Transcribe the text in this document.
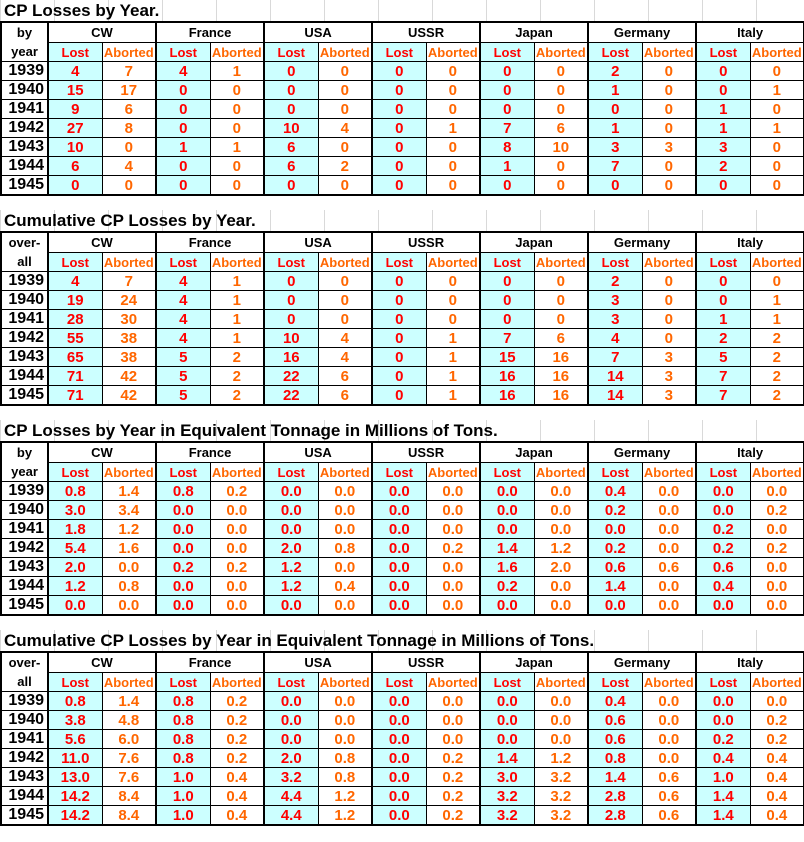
CP Losses by Year.
by
year	CW		France		USA		USSR		Japan		Germany		Italy	
	Lost	Aborted	Lost	Aborted	Lost	Aborted	Lost	Aborted	Lost	Aborted	Lost	Aborted	Lost	Aborted
1939	4	7	4	1	0	0	0	0	0	0	2	0	0	0
1940	15	17	0	0	0	0	0	0	0	0	1	0	0	1
1941	9	6	0	0	0	0	0	0	0	0	0	0	1	0
1942	27	8	0	0	10	4	0	1	7	6	1	0	1	1
1943	10	0	1	1	6	0	0	0	8	10	3	3	3	0
1944	6	4	0	0	6	2	0	0	1	0	7	0	2	0
1945	0	0	0	0	0	0	0	0	0	0	0	0	0	0
Cumulative CP Losses by Year.
over-
all	CW		France		USA		USSR		Japan		Germany		Italy	
	Lost	Aborted	Lost	Aborted	Lost	Aborted	Lost	Aborted	Lost	Aborted	Lost	Aborted	Lost	Aborted
1939	4	7	4	1	0	0	0	0	0	0	2	0	0	0
1940	19	24	4	1	0	0	0	0	0	0	3	0	0	1
1941	28	30	4	1	0	0	0	0	0	0	3	0	1	1
1942	55	38	4	1	10	4	0	1	7	6	4	0	2	2
1943	65	38	5	2	16	4	0	1	15	16	7	3	5	2
1944	71	42	5	2	22	6	0	1	16	16	14	3	7	2
1945	71	42	5	2	22	6	0	1	16	16	14	3	7	2
CP Losses by Year in Equivalent Tonnage in Millions of Tons.
by
year	CW		France		USA		USSR		Japan		Germany		Italy	
	Lost	Aborted	Lost	Aborted	Lost	Aborted	Lost	Aborted	Lost	Aborted	Lost	Aborted	Lost	Aborted
1939	0.8	1.4	0.8	0.2	0.0	0.0	0.0	0.0	0.0	0.0	0.4	0.0	0.0	0.0
1940	3.0	3.4	0.0	0.0	0.0	0.0	0.0	0.0	0.0	0.0	0.2	0.0	0.0	0.2
1941	1.8	1.2	0.0	0.0	0.0	0.0	0.0	0.0	0.0	0.0	0.0	0.0	0.2	0.0
1942	5.4	1.6	0.0	0.0	2.0	0.8	0.0	0.2	1.4	1.2	0.2	0.0	0.2	0.2
1943	2.0	0.0	0.2	0.2	1.2	0.0	0.0	0.0	1.6	2.0	0.6	0.6	0.6	0.0
1944	1.2	0.8	0.0	0.0	1.2	0.4	0.0	0.0	0.2	0.0	1.4	0.0	0.4	0.0
1945	0.0	0.0	0.0	0.0	0.0	0.0	0.0	0.0	0.0	0.0	0.0	0.0	0.0	0.0
Cumulative CP Losses by Year in Equivalent Tonnage in Millions of Tons.
over-
all	CW		France		USA		USSR		Japan		Germany		Italy	
	Lost	Aborted	Lost	Aborted	Lost	Aborted	Lost	Aborted	Lost	Aborted	Lost	Aborted	Lost	Aborted
1939	0.8	1.4	0.8	0.2	0.0	0.0	0.0	0.0	0.0	0.0	0.4	0.0	0.0	0.0
1940	3.8	4.8	0.8	0.2	0.0	0.0	0.0	0.0	0.0	0.0	0.6	0.0	0.0	0.2
1941	5.6	6.0	0.8	0.2	0.0	0.0	0.0	0.0	0.0	0.0	0.6	0.0	0.2	0.2
1942	11.0	7.6	0.8	0.2	2.0	0.8	0.0	0.2	1.4	1.2	0.8	0.0	0.4	0.4
1943	13.0	7.6	1.0	0.4	3.2	0.8	0.0	0.2	3.0	3.2	1.4	0.6	1.0	0.4
1944	14.2	8.4	1.0	0.4	4.4	1.2	0.0	0.2	3.2	3.2	2.8	0.6	1.4	0.4
1945	14.2	8.4	1.0	0.4	4.4	1.2	0.0	0.2	3.2	3.2	2.8	0.6	1.4	0.4
